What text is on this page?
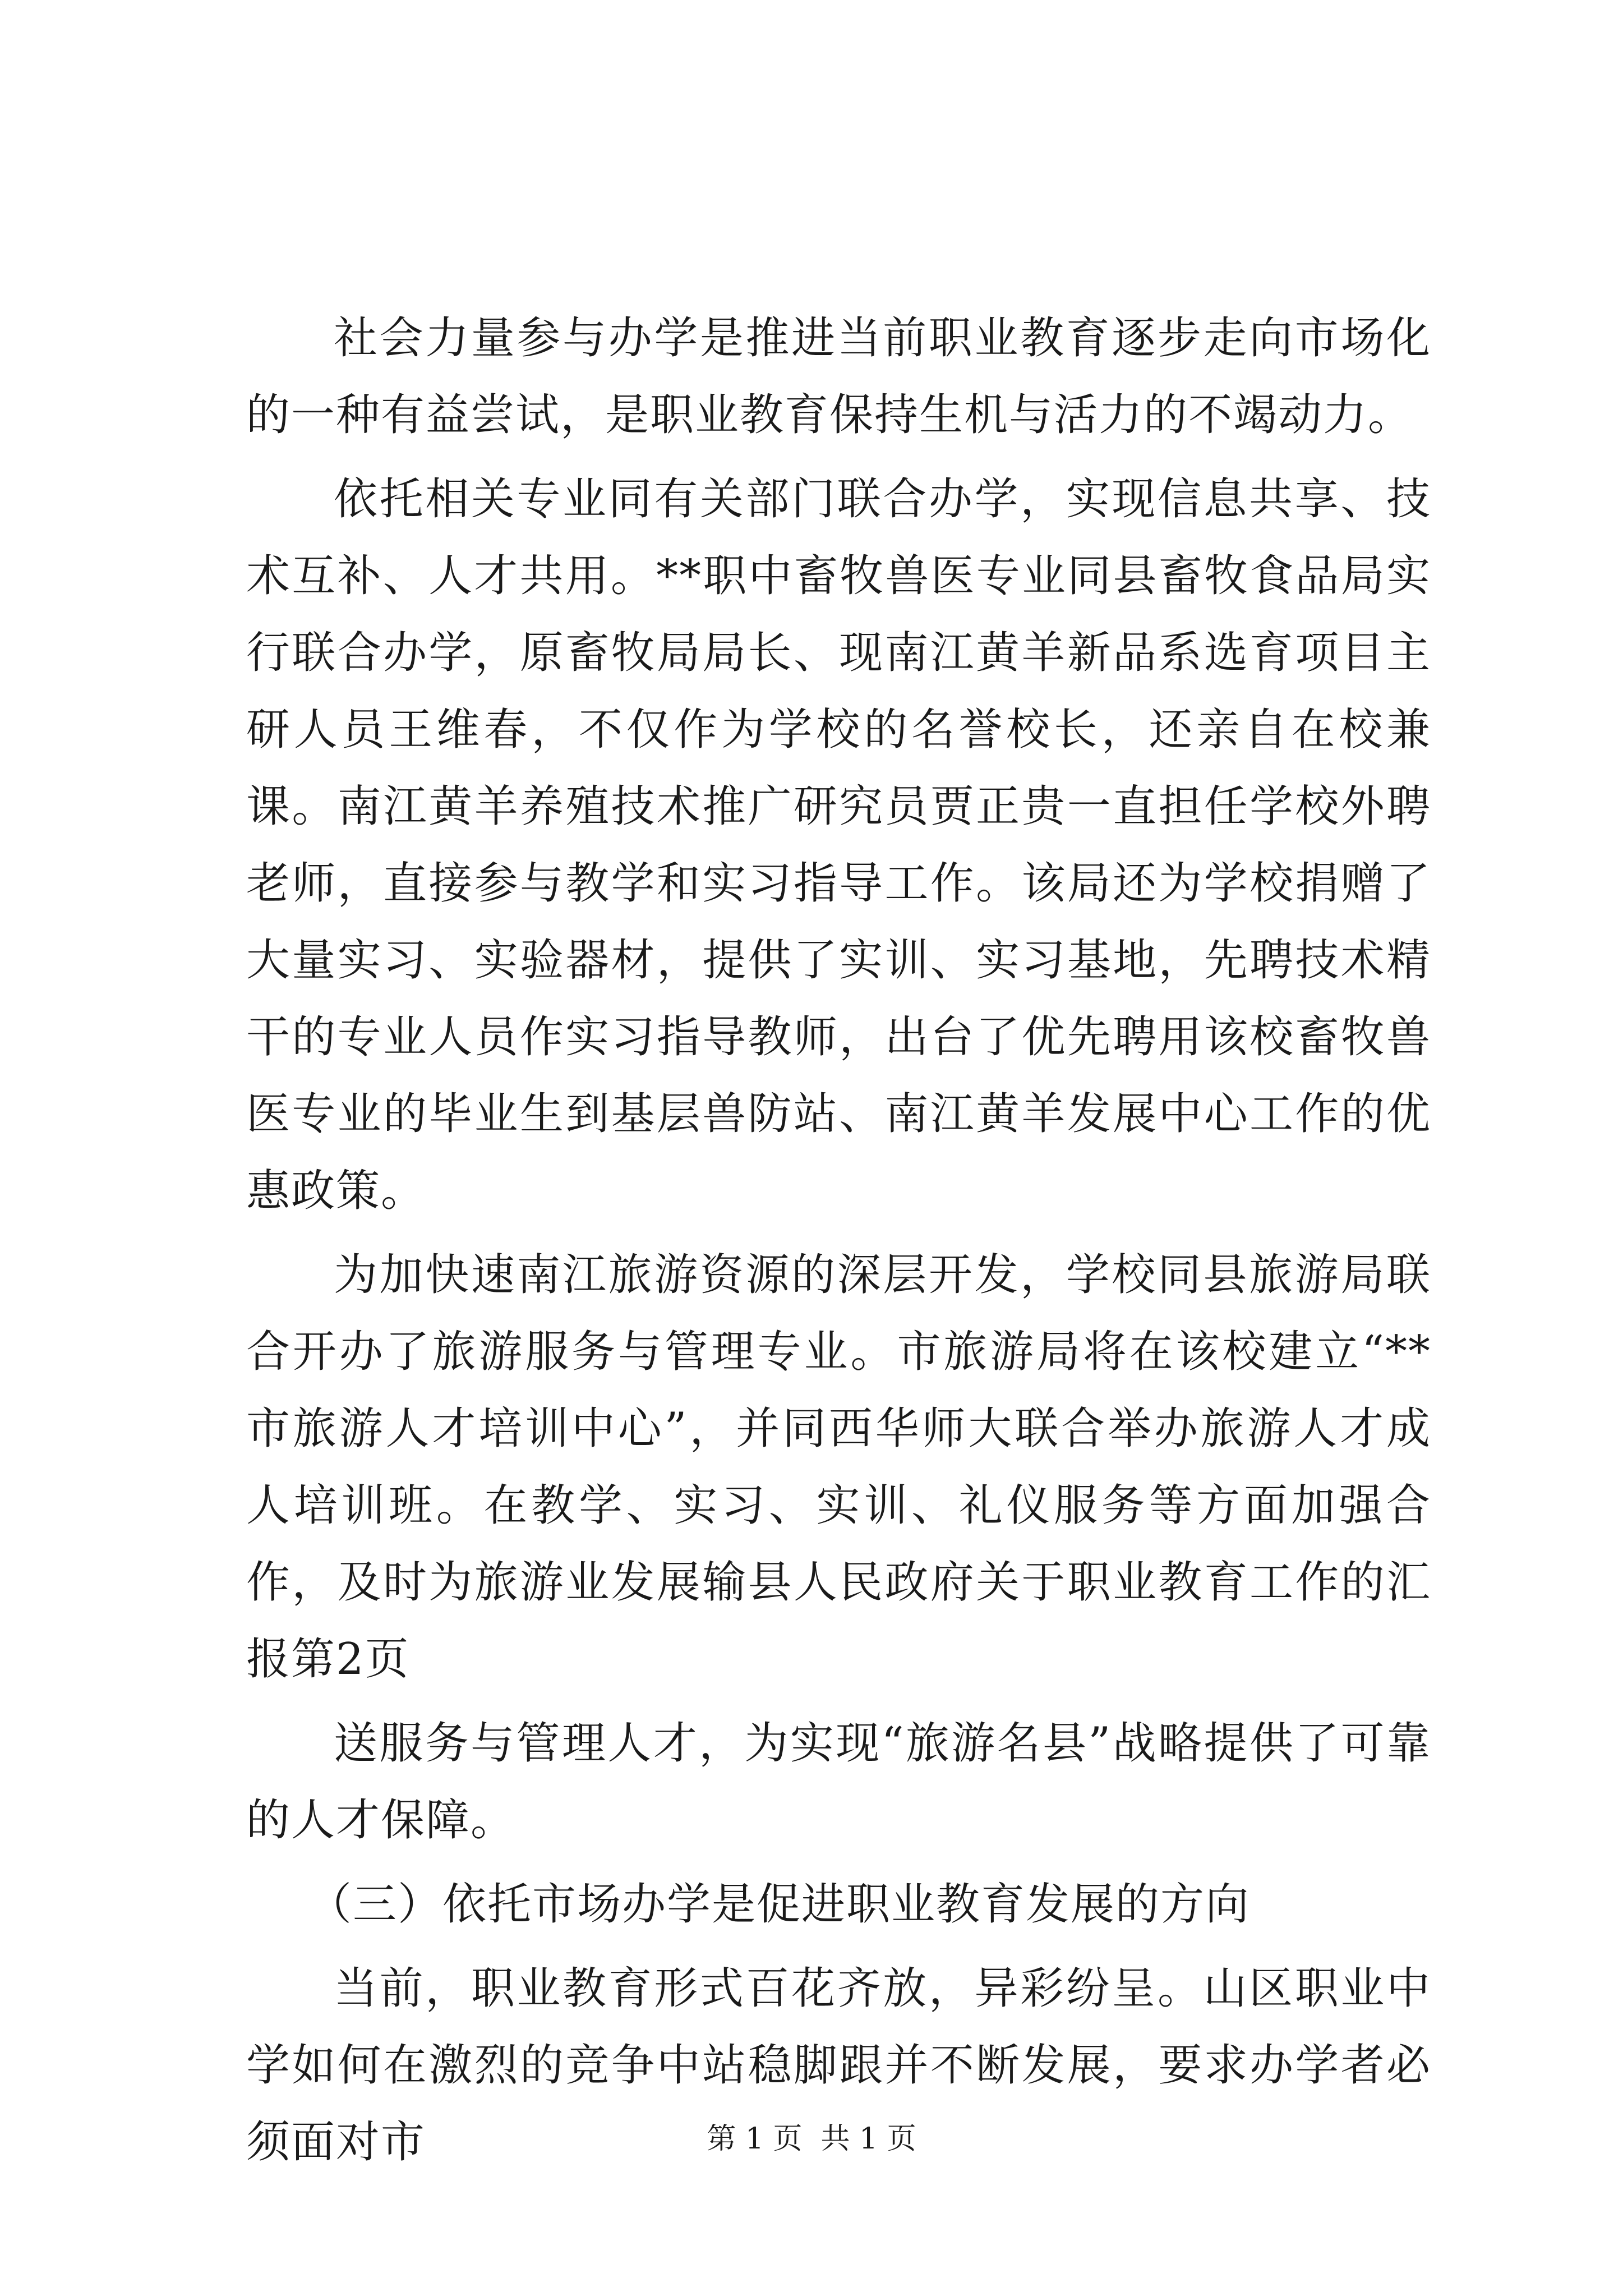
社会力量参与办学是推进当前职业教育逐步走向市场化的一种有益尝试，是职业教育保持生机与活力的不竭动力。

依托相关专业同有关部门联合办学，实现信息共享、技术互补、人才共用。**职中畜牧兽医专业同县畜牧食品局实行联合办学，原畜牧局局长、现南江黄羊新品系选育项目主研人员王维春，不仅作为学校的名誉校长，还亲自在校兼课。南江黄羊养殖技术推广研究员贾正贵一直担任学校外聘老师，直接参与教学和实习指导工作。该局还为学校捐赠了大量实习、实验器材，提供了实训、实习基地，先聘技术精干的专业人员作实习指导教师，出台了优先聘用该校畜牧兽医专业的毕业生到基层兽防站、南江黄羊发展中心工作的优惠政策。

为加快速南江旅游资源的深层开发，学校同县旅游局联合开办了旅游服务与管理专业。市旅游局将在该校建立“**市旅游人才培训中心”，并同西华师大联合举办旅游人才成人培训班。在教学、实习、实训、礼仪服务等方面加强合作，及时为旅游业发展输县人民政府关于职业教育工作的汇报第2页

送服务与管理人才，为实现“旅游名县”战略提供了可靠的人才保障。

（三）依托市场办学是促进职业教育发展的方向

当前，职业教育形式百花齐放，异彩纷呈。山区职业中学如何在激烈的竞争中站稳脚跟并不断发展，要求办学者必须面对市	第 1 页  共 1 页
